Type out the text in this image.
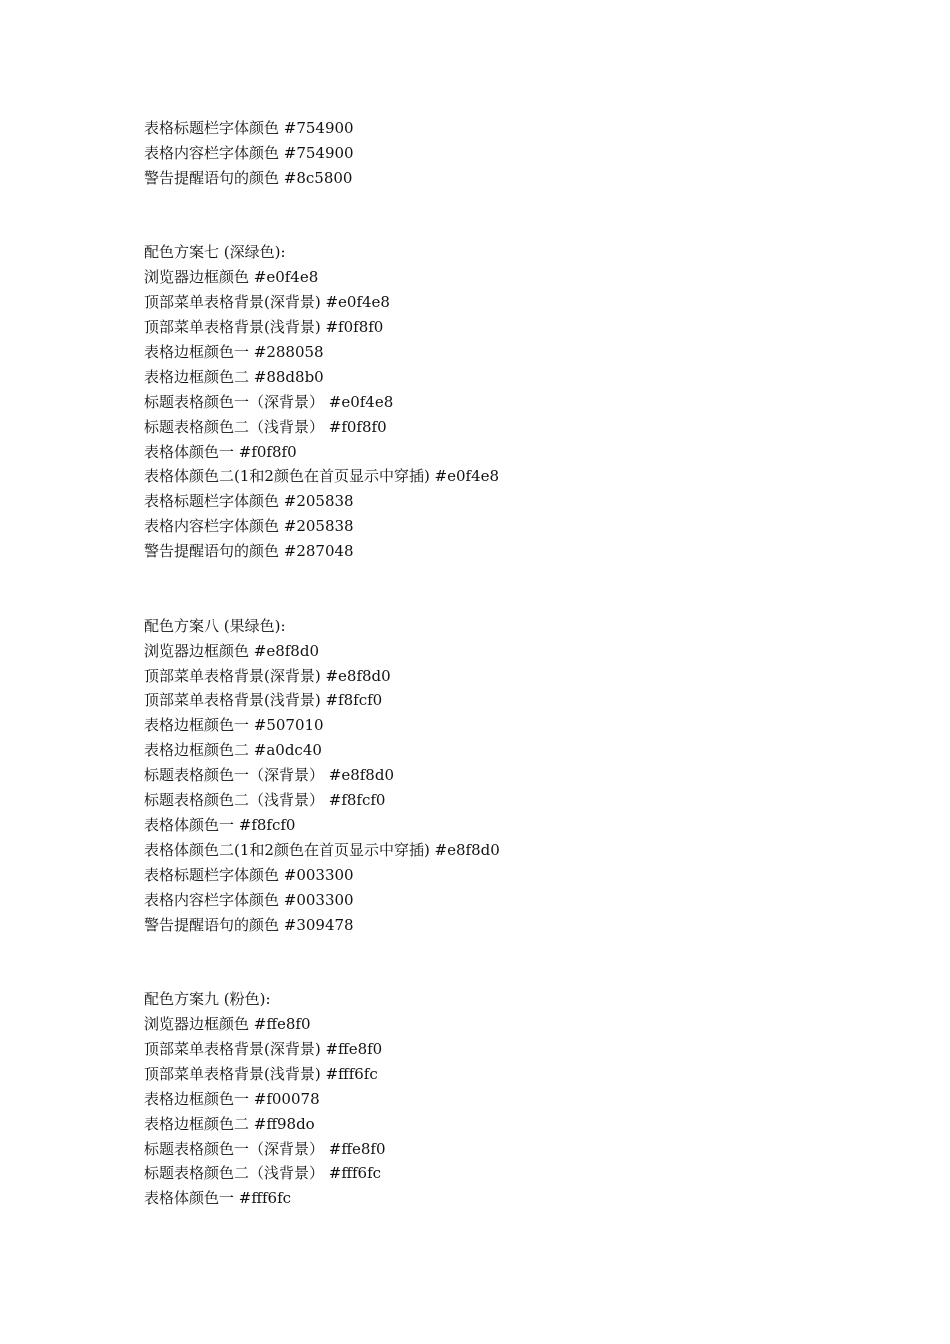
表格标题栏字体颜色 #754900
表格内容栏字体颜色 #754900
警告提醒语句的颜色 #8c5800
配色方案七 (深绿色):
浏览器边框颜色 #e0f4e8
顶部菜单表格背景(深背景) #e0f4e8
顶部菜单表格背景(浅背景) #f0f8f0
表格边框颜色一 #288058
表格边框颜色二 #88d8b0
标题表格颜色一（深背景） #e0f4e8
标题表格颜色二（浅背景） #f0f8f0
表格体颜色一 #f0f8f0
表格体颜色二(1和2颜色在首页显示中穿插) #e0f4e8
表格标题栏字体颜色 #205838
表格内容栏字体颜色 #205838
警告提醒语句的颜色 #287048
配色方案八 (果绿色):
浏览器边框颜色 #e8f8d0
顶部菜单表格背景(深背景) #e8f8d0
顶部菜单表格背景(浅背景) #f8fcf0
表格边框颜色一 #507010
表格边框颜色二 #a0dc40
标题表格颜色一（深背景） #e8f8d0
标题表格颜色二（浅背景） #f8fcf0
表格体颜色一 #f8fcf0
表格体颜色二(1和2颜色在首页显示中穿插) #e8f8d0
表格标题栏字体颜色 #003300
表格内容栏字体颜色 #003300
警告提醒语句的颜色 #309478
配色方案九 (粉色):
浏览器边框颜色 #ffe8f0
顶部菜单表格背景(深背景) #ffe8f0
顶部菜单表格背景(浅背景) #fff6fc
表格边框颜色一 #f00078
表格边框颜色二 #ff98do
标题表格颜色一（深背景） #ffe8f0
标题表格颜色二（浅背景） #fff6fc
表格体颜色一 #fff6fc
